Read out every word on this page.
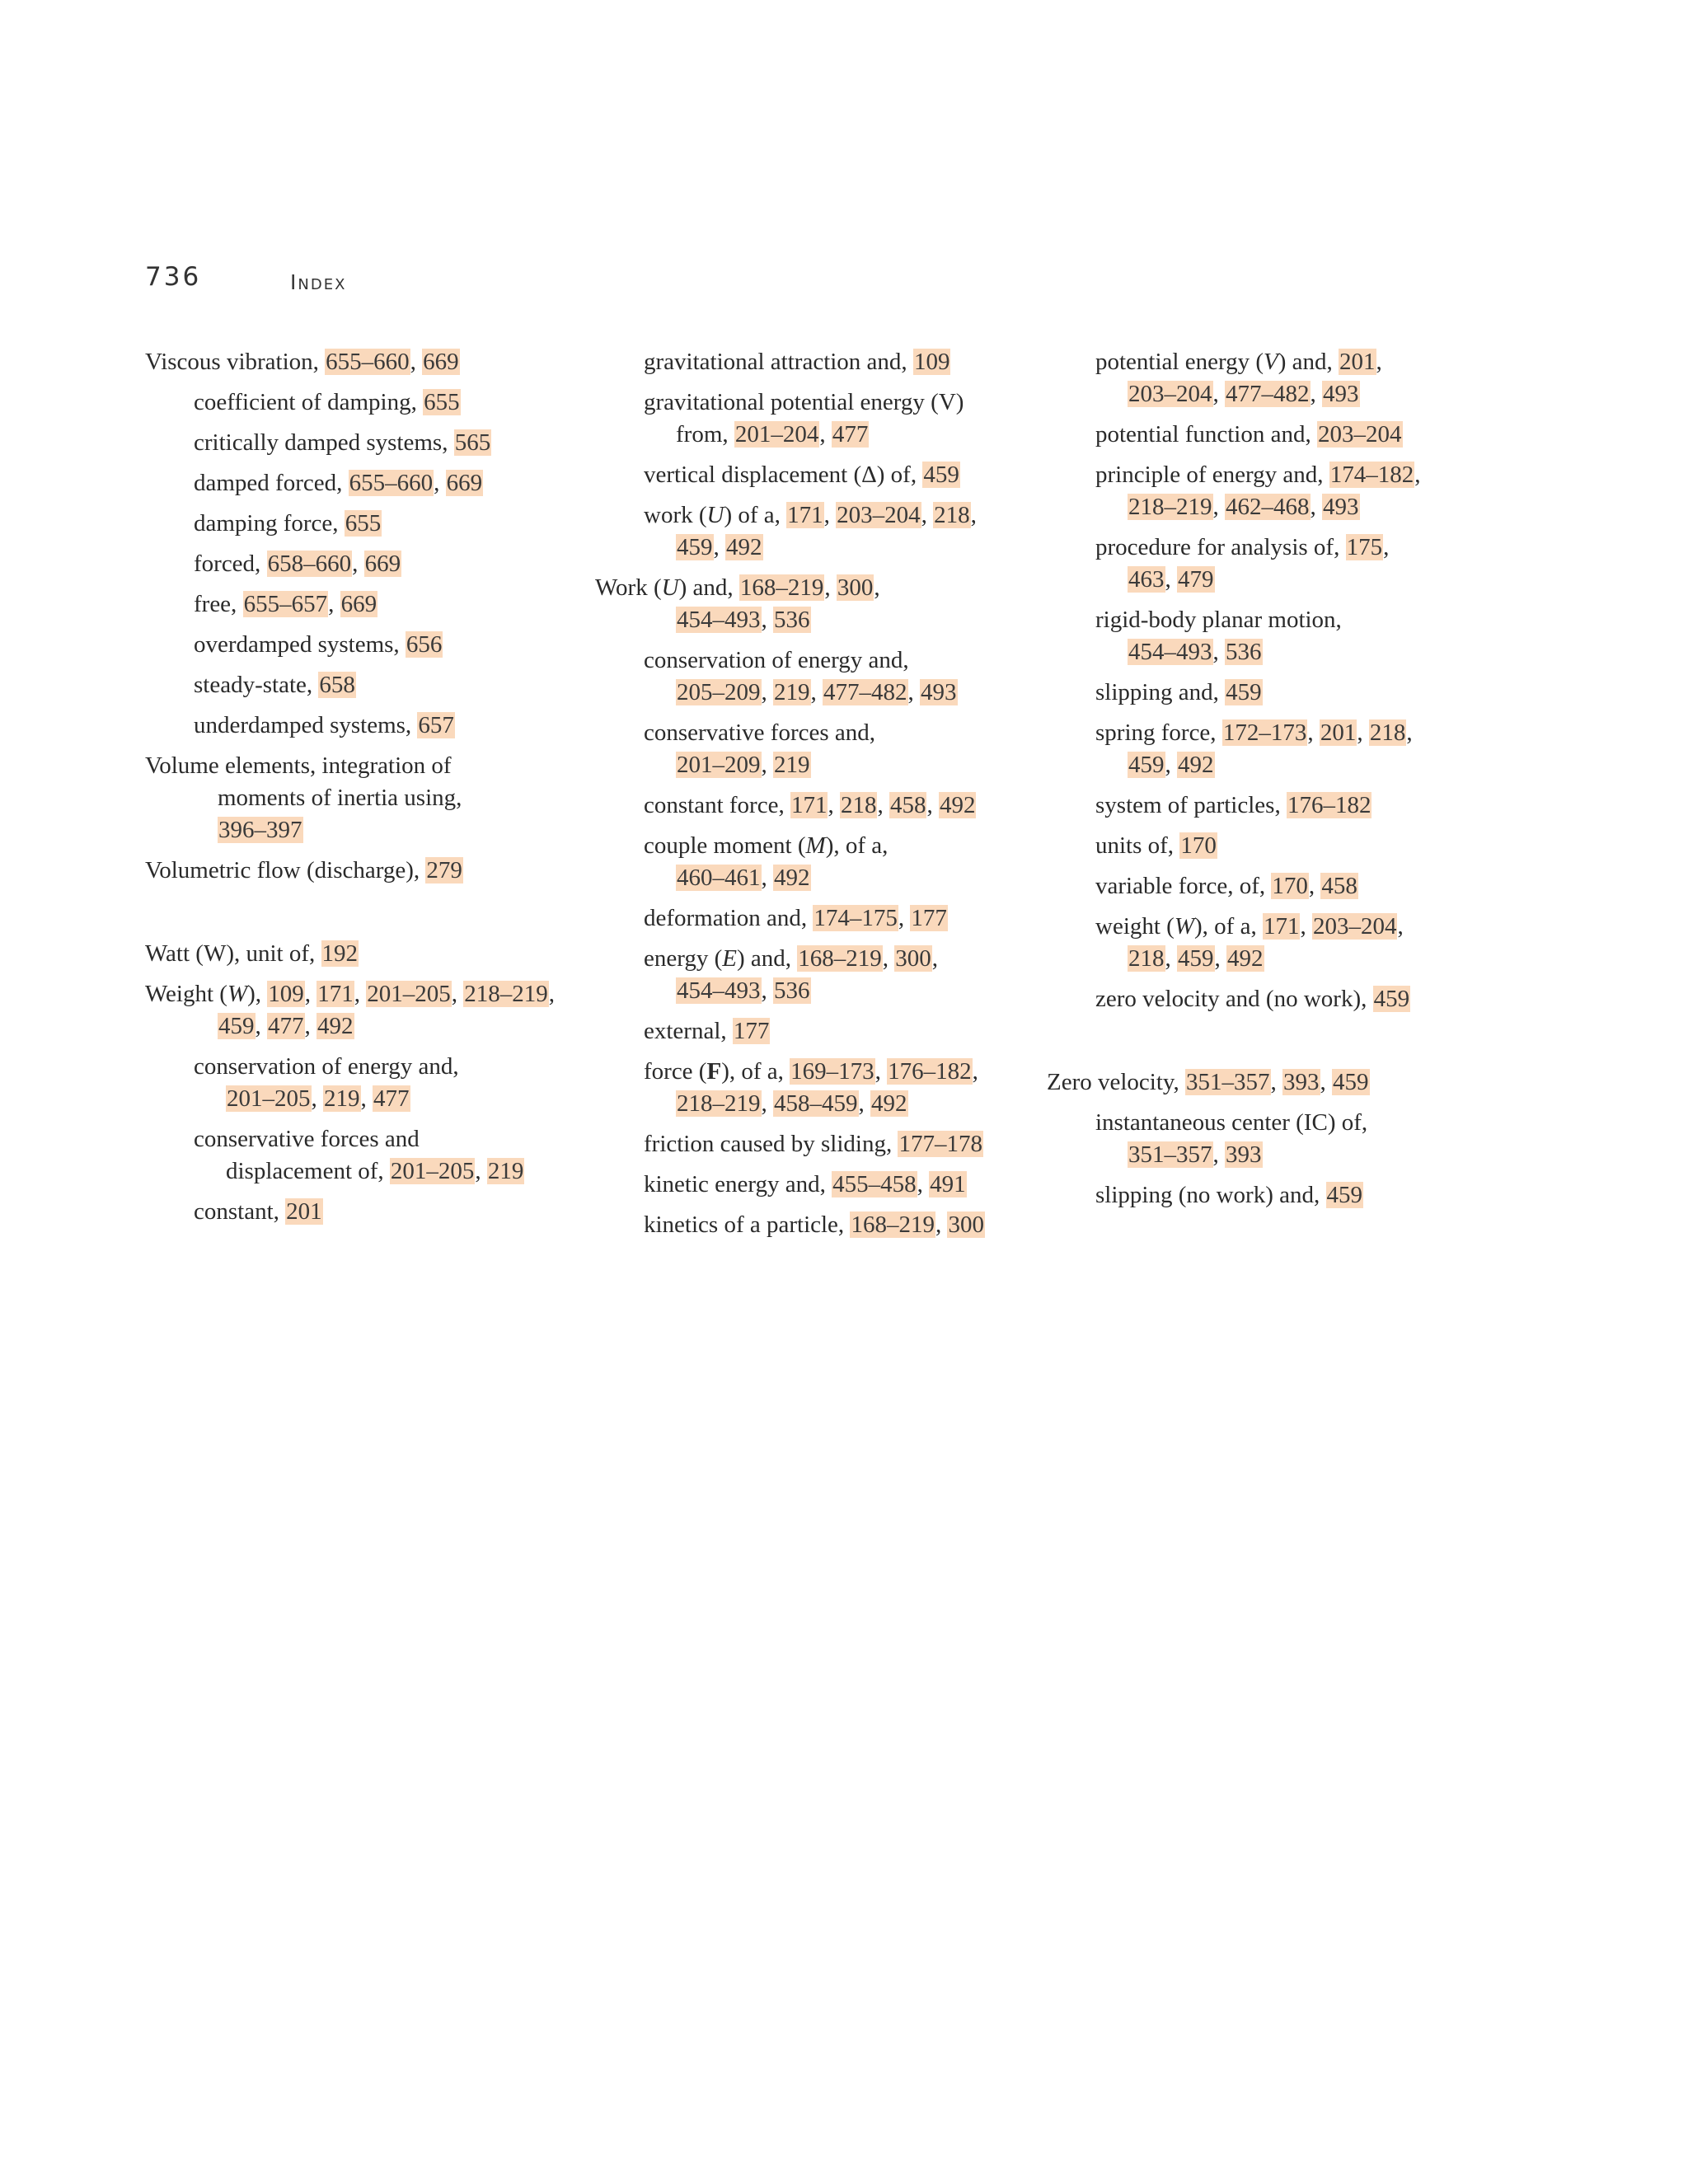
736	Index
Viscous vibration, 655–660, 669
coefficient of damping, 655
critically damped systems, 565
damped forced, 655–660, 669
damping force, 655
forced, 658–660, 669
free, 655–657, 669
overdamped systems, 656
steady-state, 658
underdamped systems, 657
Volume elements, integration of
moments of inertia using,
396–397
Volumetric flow (discharge), 279
Watt (W), unit of, 192
Weight (W), 109, 171, 201–205, 218–219,
459, 477, 492
conservation of energy and,
201–205, 219, 477
conservative forces and
displacement of, 201–205, 219
constant, 201
gravitational attraction and, 109
gravitational potential energy (V)
from, 201–204, 477
vertical displacement (Δ) of, 459
work (U) of a, 171, 203–204, 218,
459, 492
Work (U) and, 168–219, 300,
454–493, 536
conservation of energy and,
205–209, 219, 477–482, 493
conservative forces and,
201–209, 219
constant force, 171, 218, 458, 492
couple moment (M), of a,
460–461, 492
deformation and, 174–175, 177
energy (E) and, 168–219, 300,
454–493, 536
external, 177
force (F), of a, 169–173, 176–182,
218–219, 458–459, 492
friction caused by sliding, 177–178
kinetic energy and, 455–458, 491
kinetics of a particle, 168–219, 300
potential energy (V) and, 201,
203–204, 477–482, 493
potential function and, 203–204
principle of energy and, 174–182,
218–219, 462–468, 493
procedure for analysis of, 175,
463, 479
rigid-body planar motion,
454–493, 536
slipping and, 459
spring force, 172–173, 201, 218,
459, 492
system of particles, 176–182
units of, 170
variable force, of, 170, 458
weight (W), of a, 171, 203–204,
218, 459, 492
zero velocity and (no work), 459
Zero velocity, 351–357, 393, 459
instantaneous center (IC) of,
351–357, 393
slipping (no work) and, 459
